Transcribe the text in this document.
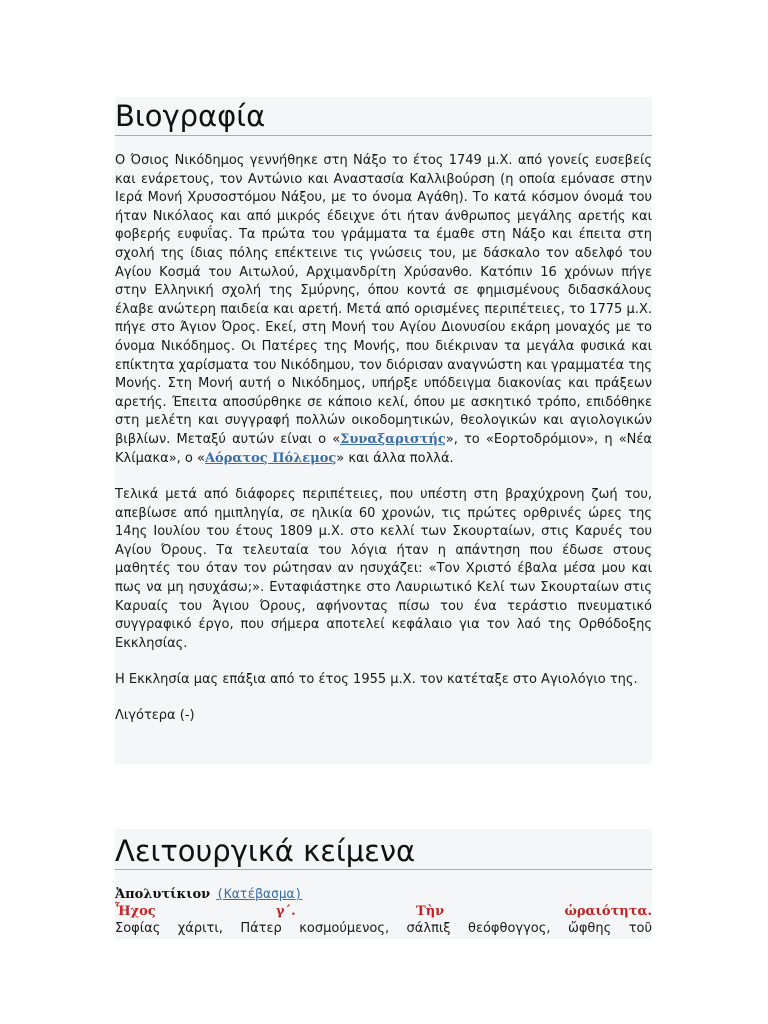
Βιογραφία

Ο Όσιος Νικόδημος γεννήθηκε στη Νάξο το έτος 1749 μ.Χ. από γονείς ευσεβείς και ενάρετους, τον Αντώνιο και Αναστασία Καλλιβούρση (η οποία εμόνασε στην Ιερά Μονή Χρυσοστόμου Νάξου, με το όνομα Αγάθη). Το κατά κόσμον όνομά του ήταν Νικόλαος και από μικρός έδειχνε ότι ήταν άνθρωπος μεγάλης αρετής και φοβερής ευφυΐας. Τα πρώτα του γράμματα τα έμαθε στη Νάξο και έπειτα στη σχολή της ίδιας πόλης επέκτεινε τις γνώσεις του, με δάσκαλο τον αδελφό του Αγίου Κοσμά του Αιτωλού, Αρχιμανδρίτη Χρύσανθο. Κατόπιν 16 χρόνων πήγε στην Ελληνική σχολή της Σμύρνης, όπου κοντά σε φημισμένους διδασκάλους έλαβε ανώτερη παιδεία και αρετή. Μετά από ορισμένες περιπέτειες, το 1775 μ.Χ. πήγε στο Άγιον Όρος. Εκεί, στη Μονή του Αγίου Διονυσίου εκάρη μοναχός με το όνομα Νικόδημος. Οι Πατέρες της Μονής, που διέκριναν τα μεγάλα φυσικά και επίκτητα χαρίσματα του Νικόδημου, τον διόρισαν αναγνώστη και γραμματέα της Μονής. Στη Μονή αυτή ο Νικόδημος, υπήρξε υπόδειγμα διακονίας και πράξεων αρετής. Έπειτα αποσύρθηκε σε κάποιο κελί, όπου με ασκητικό τρόπο, επιδόθηκε στη μελέτη και συγγραφή πολλών οικοδομητικών, θεολογικών και αγιολογικών βιβλίων. Μεταξύ αυτών είναι ο «Συναξαριστής», το «Εορτοδρόμιον», η «Νέα Κλίμακα», ο «Αόρατος Πόλεμος» και άλλα πολλά.

Τελικά μετά από διάφορες περιπέτειες, που υπέστη στη βραχύχρονη ζωή του, απεβίωσε από ημιπληγία, σε ηλικία 60 χρονών, τις πρώτες ορθρινές ώρες της 14ης Ιουλίου του έτους 1809 μ.Χ. στο κελλί των Σκουρταίων, στις Καρυές του Αγίου Όρους. Τα τελευταία του λόγια ήταν η απάντηση που έδωσε στους μαθητές του όταν τον ρώτησαν αν ησυχάζει: «Τον Χριστό έβαλα μέσα μου και πως να μη ησυχάσω;». Ενταφιάστηκε στο Λαυριωτικό Κελί των Σκουρταίων στις Καρυαίς του Άγιου Όρους, αφήνοντας πίσω του ένα τεράστιο πνευματικό συγγραφικό έργο, που σήμερα αποτελεί κεφάλαιο για τον λαό της Ορθόδοξης Εκκλησίας.

Η Εκκλησία μας επάξια από το έτος 1955 μ.Χ. τον κατέταξε στο Αγιολόγιο της.

Λιγότερα (-)
Λειτουργικά κείμενα
Ἀπολυτίκιον (Κατέβασμα)
Ἦχος γ΄. Τὴν ὡραιότητα.
Σοφίας χάριτι, Πάτερ κοσμούμενος, σάλπιξ θεόφθογγος, ὤφθης τοῦ
